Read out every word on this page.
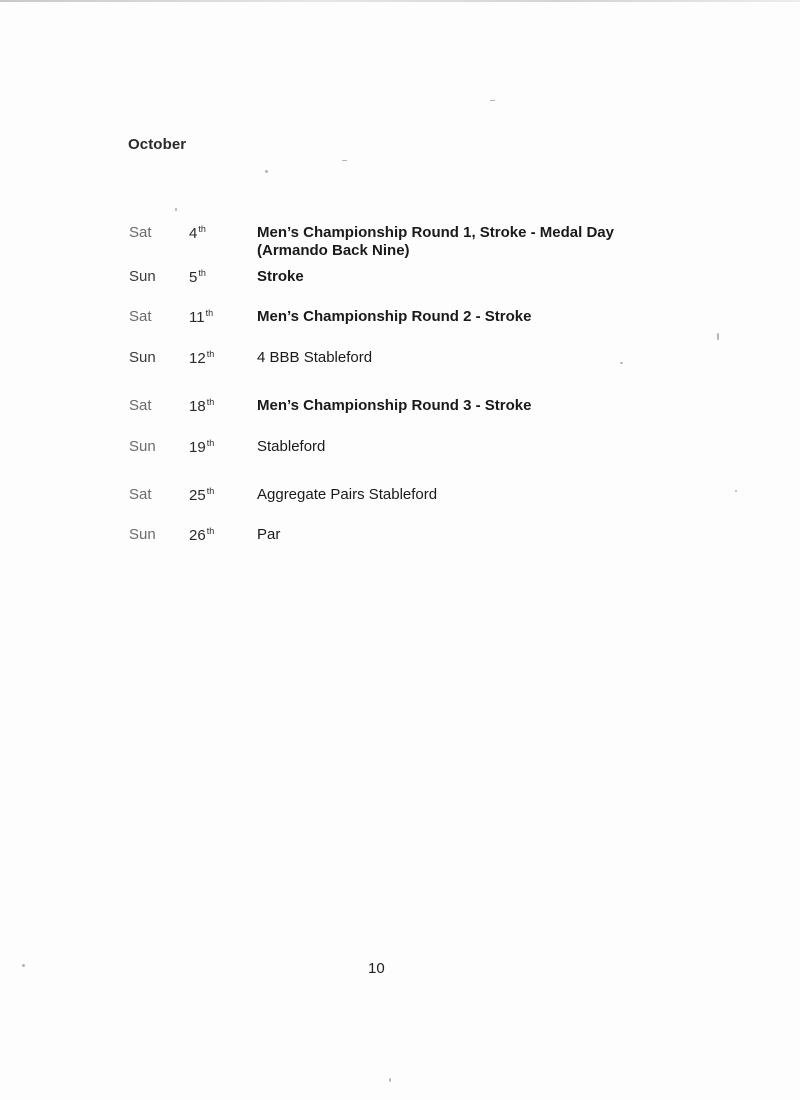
October
Sat 4th	Men’s Championship Round 1, Stroke - Medal Day
(Armando Back Nine)
Sun 5th	Stroke
Sat 11th	Men’s Championship Round 2 - Stroke
Sun 12th	4 BBB Stableford
Sat 18th	Men’s Championship Round 3 - Stroke
Sun 19th	Stableford
Sat 25th	Aggregate Pairs Stableford
Sun 26th	Par
10
